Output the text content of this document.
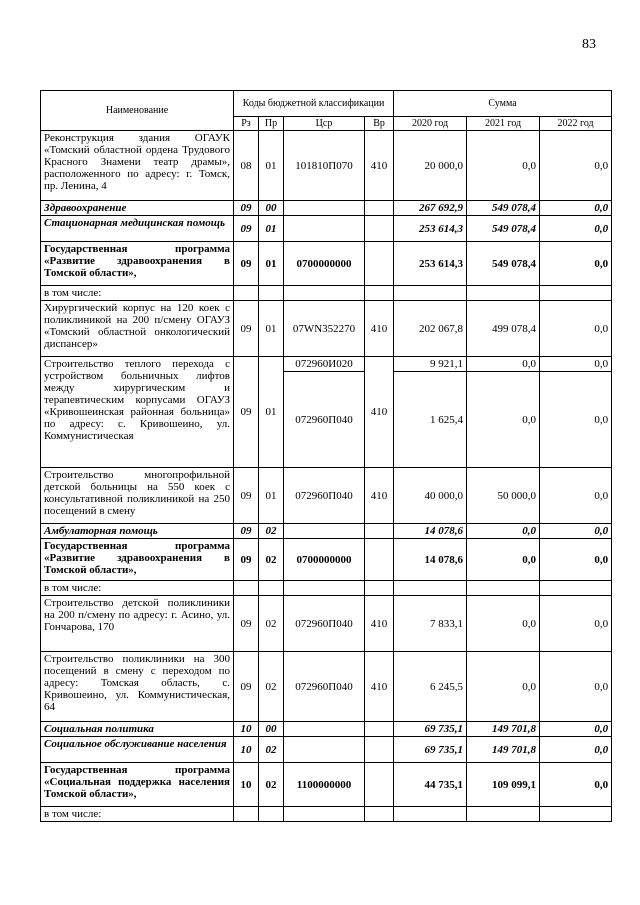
83
Наименование	Коды бюджетной классификации				Сумма		
	Рз	Пр	Цср	Вр	2020 год	2021 год	2022 год
Реконструкция здания ОГАУК «Томский областной ордена Трудового Красного Знамени театр драмы», расположенного по адресу: г. Томск, пр. Ленина, 4	08	01	101810П070	410	20 000,0	0,0	0,0
Здравоохранение	09	00			267 692,9	549 078,4	0,0
Стационарная медицинская помощь	09	01			253 614,3	549 078,4	0,0
Государственная программа «Развитие здравоохранения в Томской области»,	09	01	0700000000		253 614,3	549 078,4	0,0
в том числе:							
Хирургический корпус на 120 коек с поликлиникой на 200 п/смену ОГАУЗ «Томский областной онкологический диспансер»	09	01	07WN352270	410	202 067,8	499 078,4	0,0
Строительство теплого перехода с устройством больничных лифтов между хирургическим и терапевтическим корпусами ОГАУЗ «Кривошеинская районная больница» по адресу: с. Кривошеино, ул. Коммунистическая	09	01	072960И020	410	9 921,1	0,0	0,0
			072960П040		1 625,4	0,0	0,0
Строительство многопрофильной детской больницы на 550 коек с консультативной поликлиникой на 250 посещений в смену	09	01	072960П040	410	40 000,0	50 000,0	0,0
Амбулаторная помощь	09	02			14 078,6	0,0	0,0
Государственная программа «Развитие здравоохранения в Томской области»,	09	02	0700000000		14 078,6	0,0	0,0
в том числе:							
Строительство детской поликлиники на 200 п/смену по адресу: г. Асино, ул. Гончарова, 170	09	02	072960П040	410	7 833,1	0,0	0,0
Строительство поликлиники на 300 посещений в смену с переходом по адресу: Томская область, с. Кривошеино, ул. Коммунистическая, 64	09	02	072960П040	410	6 245,5	0,0	0,0
Социальная политика	10	00			69 735,1	149 701,8	0,0
Социальное обслуживание населения	10	02			69 735,1	149 701,8	0,0
Государственная программа «Социальная поддержка населения Томской области»,	10	02	1100000000		44 735,1	109 099,1	0,0
в том числе:							
